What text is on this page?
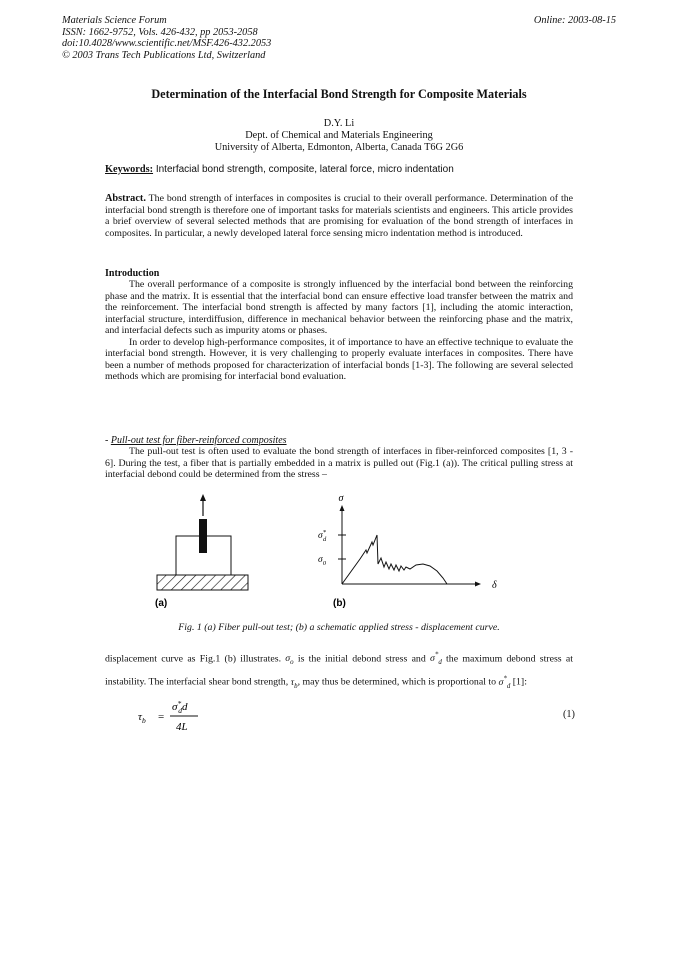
Materials Science Forum
ISSN: 1662-9752, Vols. 426-432, pp 2053-2058
doi:10.4028/www.scientific.net/MSF.426-432.2053
© 2003 Trans Tech Publications Ltd, Switzerland
Online: 2003-08-15
Determination of the Interfacial Bond Strength for Composite Materials
D.Y. Li
Dept. of Chemical and Materials Engineering
University of Alberta, Edmonton, Alberta, Canada T6G 2G6
Keywords: Interfacial bond strength, composite, lateral force, micro indentation
Abstract. The bond strength of interfaces in composites is crucial to their overall performance. Determination of the interfacial bond strength is therefore one of important tasks for materials scientists and engineers. This article provides a brief overview of several selected methods that are promising for evaluation of the bond strength of interfaces in composites. In particular, a newly developed lateral force sensing micro indentation method is introduced.
Introduction

The overall performance of a composite is strongly influenced by the interfacial bond between the reinforcing phase and the matrix. It is essential that the interfacial bond can ensure effective load transfer between the matrix and the reinforcement. The interfacial bond strength is affected by many factors [1], including the atomic interaction, interfacial structure, interdiffusion, difference in mechanical behavior between the reinforcing phase and the matrix, and interfacial defects such as impurity atoms or phases.

In order to develop high-performance composites, it of importance to have an effective technique to evaluate the interfacial bond strength. However, it is very challenging to properly evaluate interfaces in composites. There have been a number of methods proposed for characterization of interfacial bonds [1-3]. The following are several selected methods which are promising for interfacial bond evaluation.

- Pull-out test for fiber-reinforced composites
The pull-out test is often used to evaluate the bond strength of interfaces in fiber-reinforced composites [1, 3 - 6]. During the test, a fiber that is partially embedded in a matrix is pulled out (Fig.1 (a)). The critical pulling stress at interfacial debond could be determined from the stress –
(a)
σ
δ
σ* d
$\sigma_0$
(b)
Fig. 1 (a) Fiber pull-out test; (b) a schematic applied stress - displacement curve.
displacement curve as Fig.1 (b) illustrates. $\sigma_o$ is the initial debond stress and $\sigma^*_d$ the maximum debond stress at instability. The interfacial shear bond strength, $\tau_b$, may thus be determined, which is proportional to $\sigma^*_d$ [1]:
$\tau_b$ =
σ* dd
4L
(1)
